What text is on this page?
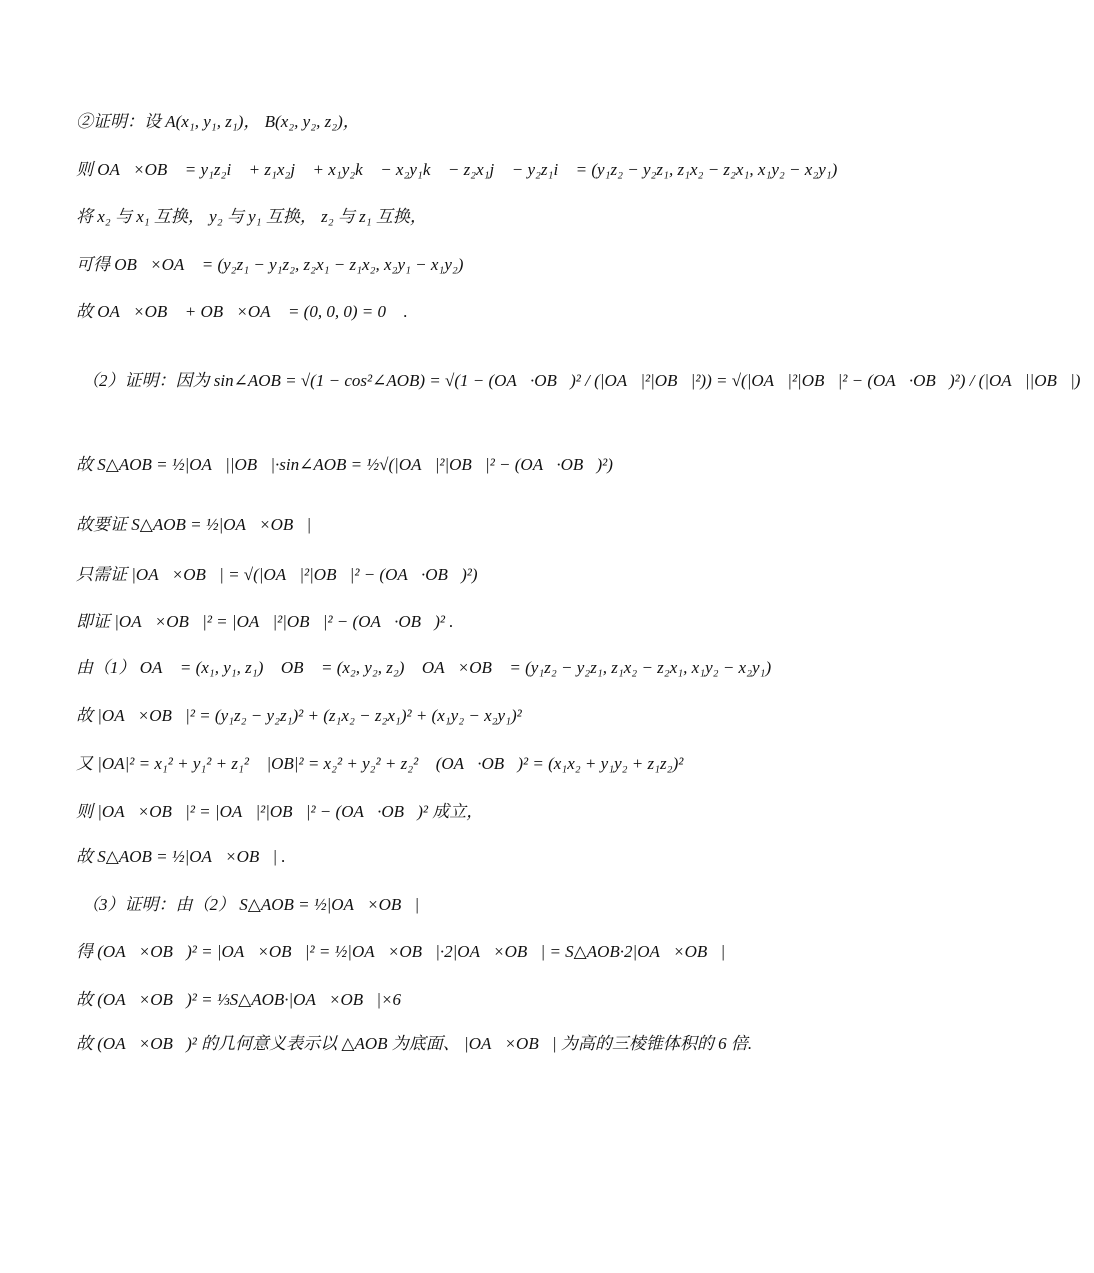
②证明：设 A(x₁, y₁, z₁)， B(x₂, y₂, z₂)，
则 OA⃗×OB⃗ = y₁z₂i⃗ + z₁x₂j⃗ + x₁y₂k⃗ − x₂y₁k⃗ − z₂x₁j⃗ − y₂z₁i⃗ = (y₁z₂ − y₂z₁, z₁x₂ − z₂x₁, x₁y₂ − x₂y₁)，
将 x₂ 与 x₁ 互换， y₂ 与 y₁ 互换， z₂ 与 z₁ 互换，
可得 OB⃗×OA⃗ = (y₂z₁ − y₁z₂, z₂x₁ − z₁x₂, x₂y₁ − x₁y₂)，
故 OA⃗×OB⃗ + OB⃗×OA⃗ = (0, 0, 0) = 0⃗ .
（2）证明：因为 sin∠AOB = √(1 − cos²∠AOB) = √(1 − (OA⃗·OB⃗)² / (|OA⃗|²|OB⃗|²)) = √(|OA⃗|²|OB⃗|² − (OA⃗·OB⃗)²) / (|OA⃗||OB⃗|)，
故 S△AOB = ½|OA⃗||OB⃗|·sin∠AOB = ½√(|OA⃗|²|OB⃗|² − (OA⃗·OB⃗)²)，
故要证 S△AOB = ½|OA⃗×OB⃗|，
只需证 |OA⃗×OB⃗| = √(|OA⃗|²|OB⃗|² − (OA⃗·OB⃗)²)，
即证 |OA⃗×OB⃗|² = |OA⃗|²|OB⃗|² − (OA⃗·OB⃗)² .
由（1） OA⃗ = (x₁, y₁, z₁)， OB⃗ = (x₂, y₂, z₂)， OA⃗×OB⃗ = (y₁z₂ − y₂z₁, z₁x₂ − z₂x₁, x₁y₂ − x₂y₁)，
故 |OA⃗×OB⃗|² = (y₁z₂ − y₂z₁)² + (z₁x₂ − z₂x₁)² + (x₁y₂ − x₂y₁)²，
又 |OA|² = x₁² + y₁² + z₁²， |OB|² = x₂² + y₂² + z₂²， (OA⃗·OB⃗)² = (x₁x₂ + y₁y₂ + z₁z₂)²，
则 |OA⃗×OB⃗|² = |OA⃗|²|OB⃗|² − (OA⃗·OB⃗)² 成立，
故 S△AOB = ½|OA⃗×OB⃗| .
（3）证明：由（2） S△AOB = ½|OA⃗×OB⃗|，
得 (OA⃗×OB⃗)² = |OA⃗×OB⃗|² = ½|OA⃗×OB⃗|·2|OA⃗×OB⃗| = S△AOB·2|OA⃗×OB⃗|，
故 (OA⃗×OB⃗)² = ⅓S△AOB·|OA⃗×OB⃗|×6，
故 (OA⃗×OB⃗)² 的几何意义表示以 △AOB 为底面、 |OA⃗×OB⃗| 为高的三棱锥体积的 6 倍.
